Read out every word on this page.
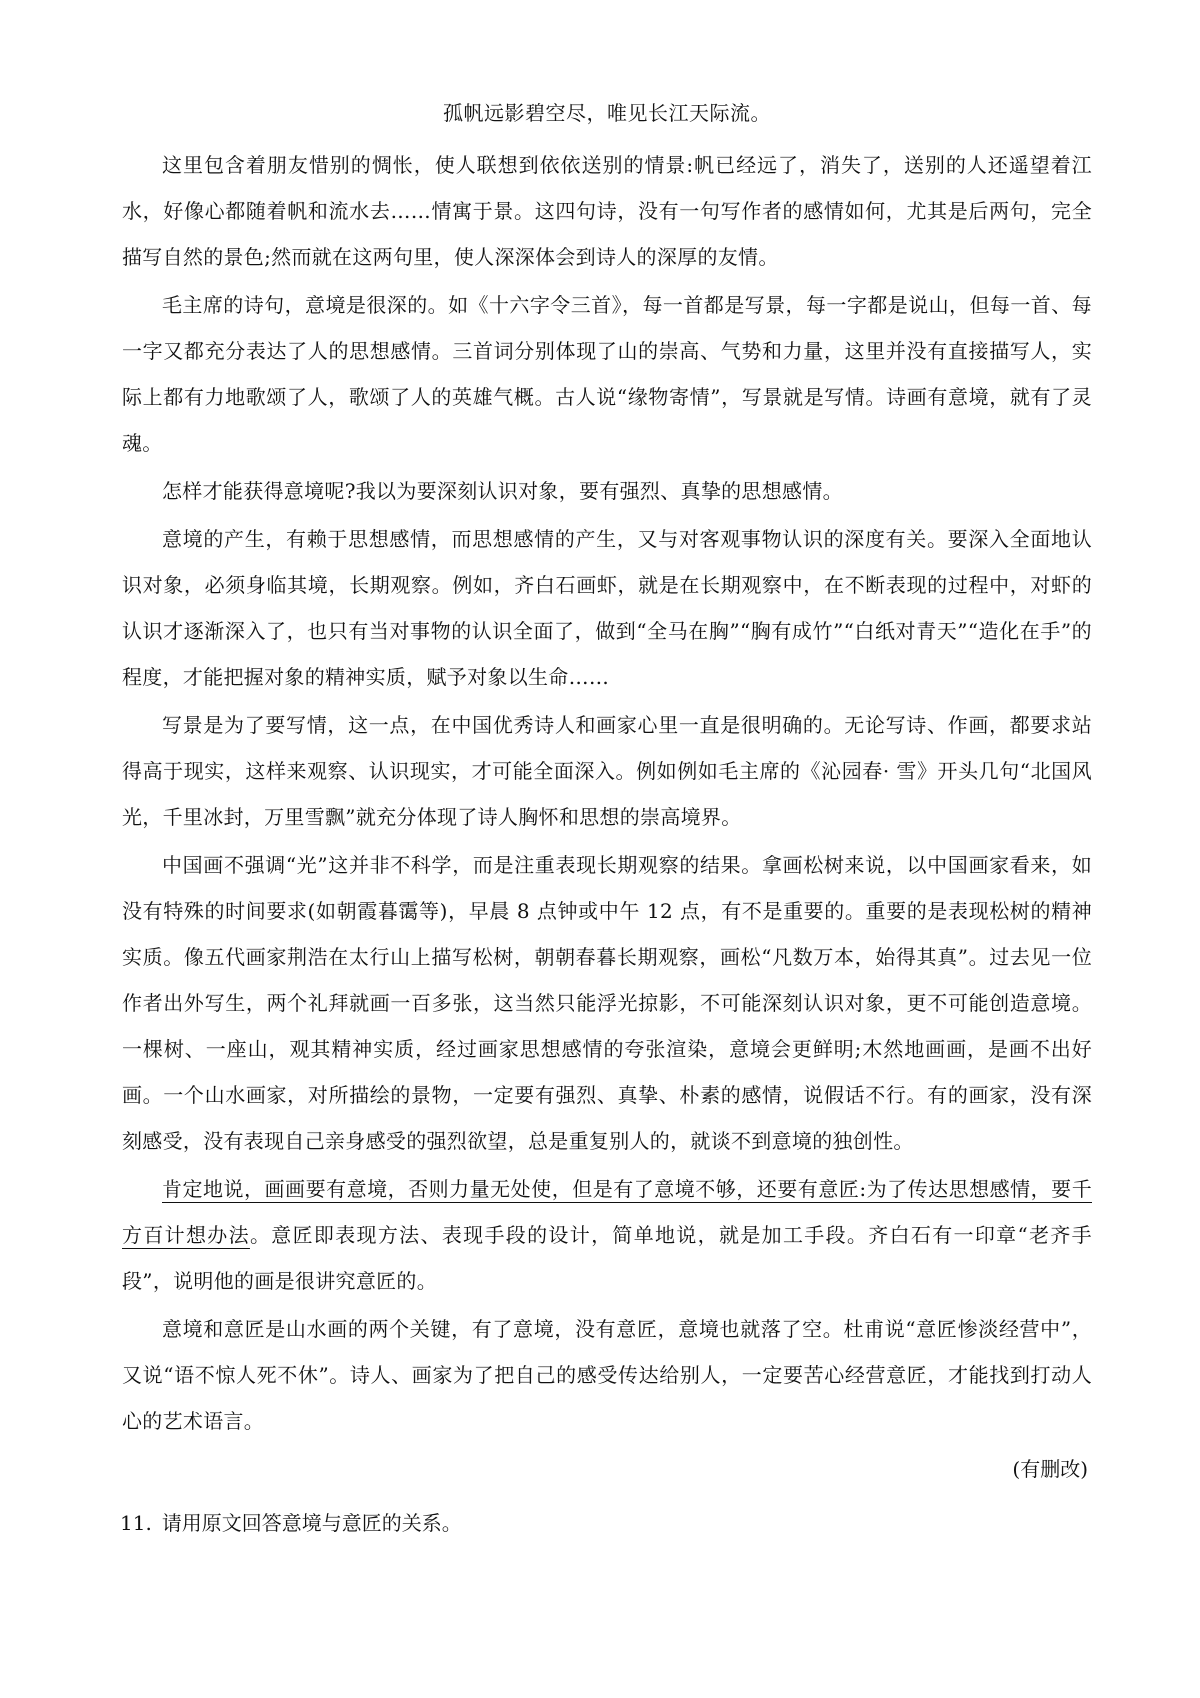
孤帆远影碧空尽，唯见长江天际流。

这里包含着朋友惜别的惆怅，使人联想到依依送别的情景:帆已经远了，消失了，送别的人还遥望着江水，好像心都随着帆和流水去……情寓于景。这四句诗，没有一句写作者的感情如何，尤其是后两句，完全描写自然的景色;然而就在这两句里，使人深深体会到诗人的深厚的友情。

毛主席的诗句，意境是很深的。如《十六字令三首》，每一首都是写景，每一字都是说山，但每一首、每一字又都充分表达了人的思想感情。三首词分别体现了山的崇高、气势和力量，这里并没有直接描写人，实际上都有力地歌颂了人，歌颂了人的英雄气概。古人说“缘物寄情”，写景就是写情。诗画有意境，就有了灵魂。

怎样才能获得意境呢?我以为要深刻认识对象，要有强烈、真挚的思想感情。

意境的产生，有赖于思想感情，而思想感情的产生，又与对客观事物认识的深度有关。要深入全面地认识对象，必须身临其境，长期观察。例如，齐白石画虾，就是在长期观察中，在不断表现的过程中，对虾的认识才逐渐深入了，也只有当对事物的认识全面了，做到“全马在胸”“胸有成竹”“白纸对青天”“造化在手”的程度，才能把握对象的精神实质，赋予对象以生命……

写景是为了要写情，这一点，在中国优秀诗人和画家心里一直是很明确的。无论写诗、作画，都要求站得高于现实，这样来观察、认识现实，才可能全面深入。例如例如毛主席的《沁园春· 雪》开头几句“北国风光，千里冰封，万里雪飘”就充分体现了诗人胸怀和思想的崇高境界。

中国画不强调“光”这并非不科学，而是注重表现长期观察的结果。拿画松树来说，以中国画家看来，如没有特殊的时间要求(如朝霞暮霭等)，早晨 8 点钟或中午 12 点，有不是重要的。重要的是表现松树的精神实质。像五代画家荆浩在太行山上描写松树，朝朝春暮长期观察，画松“凡数万本，始得其真”。过去见一位作者出外写生，两个礼拜就画一百多张，这当然只能浮光掠影，不可能深刻认识对象，更不可能创造意境。一棵树、一座山，观其精神实质，经过画家思想感情的夸张渲染，意境会更鲜明;木然地画画，是画不出好画。一个山水画家，对所描绘的景物，一定要有强烈、真挚、朴素的感情，说假话不行。有的画家，没有深刻感受，没有表现自己亲身感受的强烈欲望，总是重复别人的，就谈不到意境的独创性。

肯定地说，画画要有意境，否则力量无处使，但是有了意境不够，还要有意匠:为了传达思想感情，要千方百计想办法。意匠即表现方法、表现手段的设计，简单地说，就是加工手段。齐白石有一印章“老齐手段”，说明他的画是很讲究意匠的。

意境和意匠是山水画的两个关键，有了意境，没有意匠，意境也就落了空。杜甫说“意匠惨淡经营中”，又说“语不惊人死不休”。诗人、画家为了把自己的感受传达给别人，一定要苦心经营意匠，才能找到打动人心的艺术语言。

(有删改)

11. 请用原文回答意境与意匠的关系。
